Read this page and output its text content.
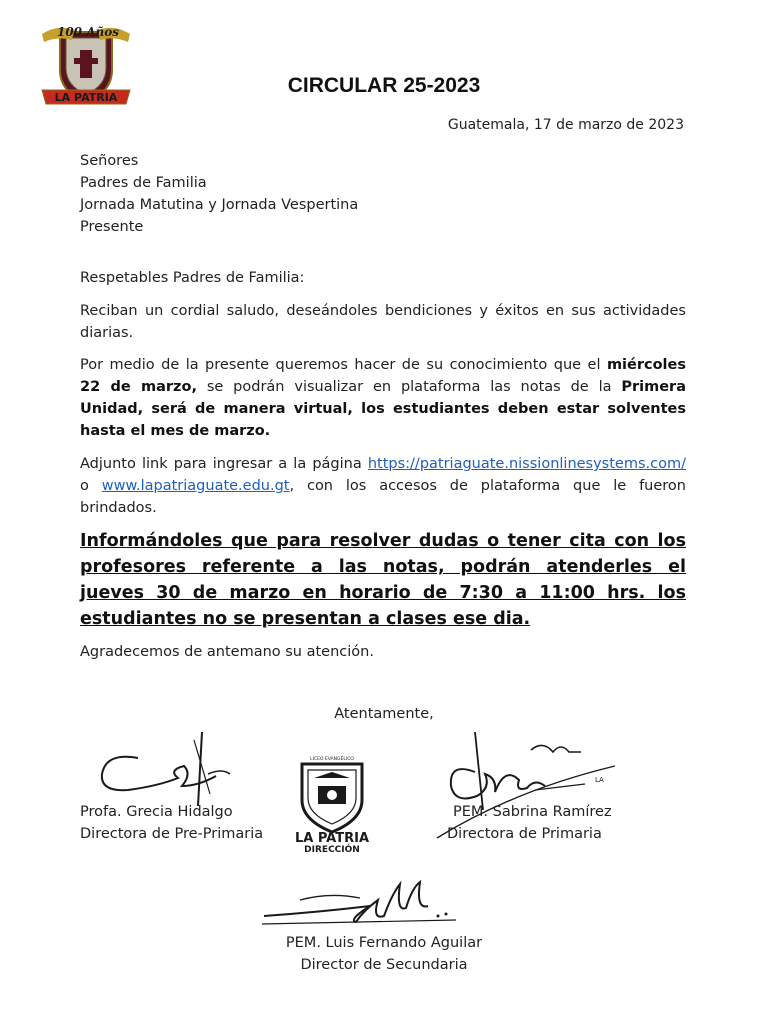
100 Años
LA PATRIA
CIRCULAR 25-2023
Guatemala, 17 de marzo de 2023
Señores
Padres de Familia
Jornada Matutina y Jornada Vespertina
Presente
Respetables Padres de Familia:
Reciban un cordial saludo, deseándoles bendiciones y éxitos en sus actividades diarias.
Por medio de la presente queremos hacer de su conocimiento que el miércoles 22 de marzo, se podrán visualizar en plataforma las notas de la Primera Unidad, será de manera virtual, los estudiantes deben estar solventes hasta el mes de marzo.
Adjunto link para ingresar a la página https://patriaguate.nissionlinesystems.com/ o www.lapatriaguate.edu.gt, con los accesos de plataforma que le fueron brindados.
Informándoles que para resolver dudas o tener cita con los profesores referente a las notas, podrán atenderles el jueves 30 de marzo en horario de 7:30 a 11:00 hrs. los estudiantes no se presentan a clases ese dia.
Agradecemos de antemano su atención.
Atentamente,
LA
LICEO EVANGÉLICO
LA PATRIA
DIRECCIÓN
Profa. Grecia Hidalgo
Directora de Pre-Primaria
PEM. Sabrina Ramírez
Directora de Primaria
PEM. Luis Fernando Aguilar
Director de Secundaria
